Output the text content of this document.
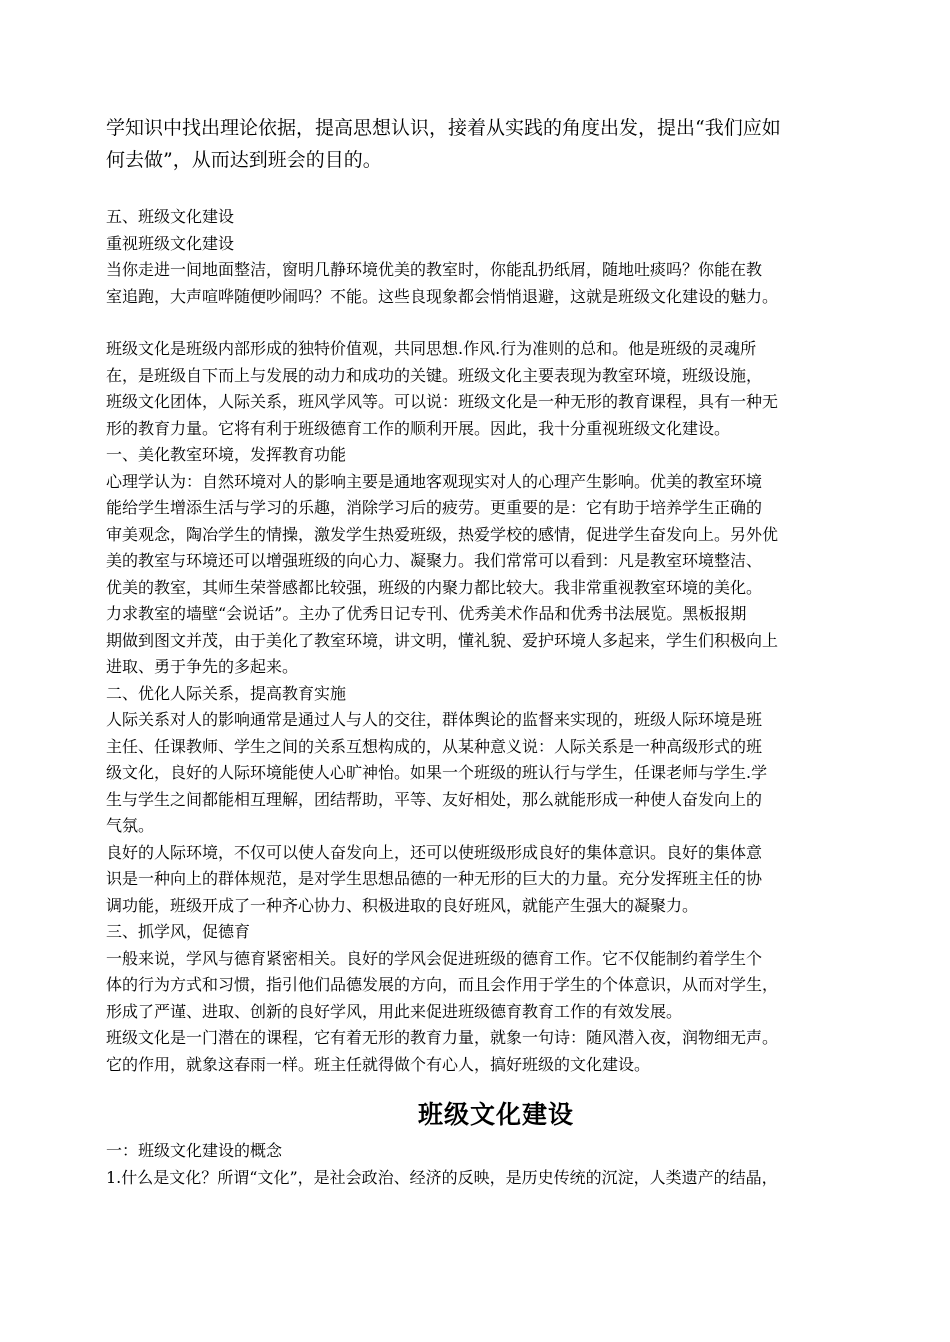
学知识中找出理论依据，提高思想认识，接着从实践的角度出发，提出“我们应如

何去做”，从而达到班会的目的。

五、班级文化建设

重视班级文化建设

当你走进一间地面整洁，窗明几静环境优美的教室时，你能乱扔纸屑，随地吐痰吗？你能在教

室追跑，大声喧哗随便吵闹吗？不能。这些良现象都会悄悄退避，这就是班级文化建设的魅力。

班级文化是班级内部形成的独特价值观，共同思想.作风.行为准则的总和。他是班级的灵魂所

在，是班级自下而上与发展的动力和成功的关键。班级文化主要表现为教室环境，班级设施，

班级文化团体，人际关系，班风学风等。可以说：班级文化是一种无形的教育课程，具有一种无

形的教育力量。它将有利于班级德育工作的顺利开展。因此，我十分重视班级文化建设。

一、美化教室环境，发挥教育功能

心理学认为：自然环境对人的影响主要是通地客观现实对人的心理产生影响。优美的教室环境

能给学生增添生活与学习的乐趣，消除学习后的疲劳。更重要的是：它有助于培养学生正确的

审美观念，陶冶学生的情操，激发学生热爱班级，热爱学校的感情，促进学生奋发向上。另外优

美的教室与环境还可以增强班级的向心力、凝聚力。我们常常可以看到：凡是教室环境整洁、

优美的教室，其师生荣誉感都比较强，班级的内聚力都比较大。我非常重视教室环境的美化。

力求教室的墙壁“会说话”。主办了优秀日记专刊、优秀美术作品和优秀书法展览。黑板报期

期做到图文并茂，由于美化了教室环境，讲文明，懂礼貌、爱护环境人多起来，学生们积极向上

进取、勇于争先的多起来。

二、优化人际关系，提高教育实施

人际关系对人的影响通常是通过人与人的交往，群体舆论的监督来实现的，班级人际环境是班

主任、任课教师、学生之间的关系互想构成的，从某种意义说：人际关系是一种高级形式的班

级文化，良好的人际环境能使人心旷神怡。如果一个班级的班认行与学生，任课老师与学生.学

生与学生之间都能相互理解，团结帮助，平等、友好相处，那么就能形成一种使人奋发向上的

气氛。

良好的人际环境，不仅可以使人奋发向上，还可以使班级形成良好的集体意识。良好的集体意

识是一种向上的群体规范，是对学生思想品德的一种无形的巨大的力量。充分发挥班主任的协

调功能，班级开成了一种齐心协力、积极进取的良好班风，就能产生强大的凝聚力。

三、抓学风，促德育

一般来说，学风与德育紧密相关。良好的学风会促进班级的德育工作。它不仅能制约着学生个

体的行为方式和习惯，指引他们品德发展的方向，而且会作用于学生的个体意识，从而对学生，

形成了严谨、进取、创新的良好学风，用此来促进班级德育教育工作的有效发展。

班级文化是一门潜在的课程，它有着无形的教育力量，就象一句诗：随风潜入夜，润物细无声。

它的作用，就象这春雨一样。班主任就得做个有心人，搞好班级的文化建设。

班级文化建设

一：班级文化建设的概念

1.什么是文化？所谓“文化”，是社会政治、经济的反映，是历史传统的沉淀，人类遗产的结晶，
